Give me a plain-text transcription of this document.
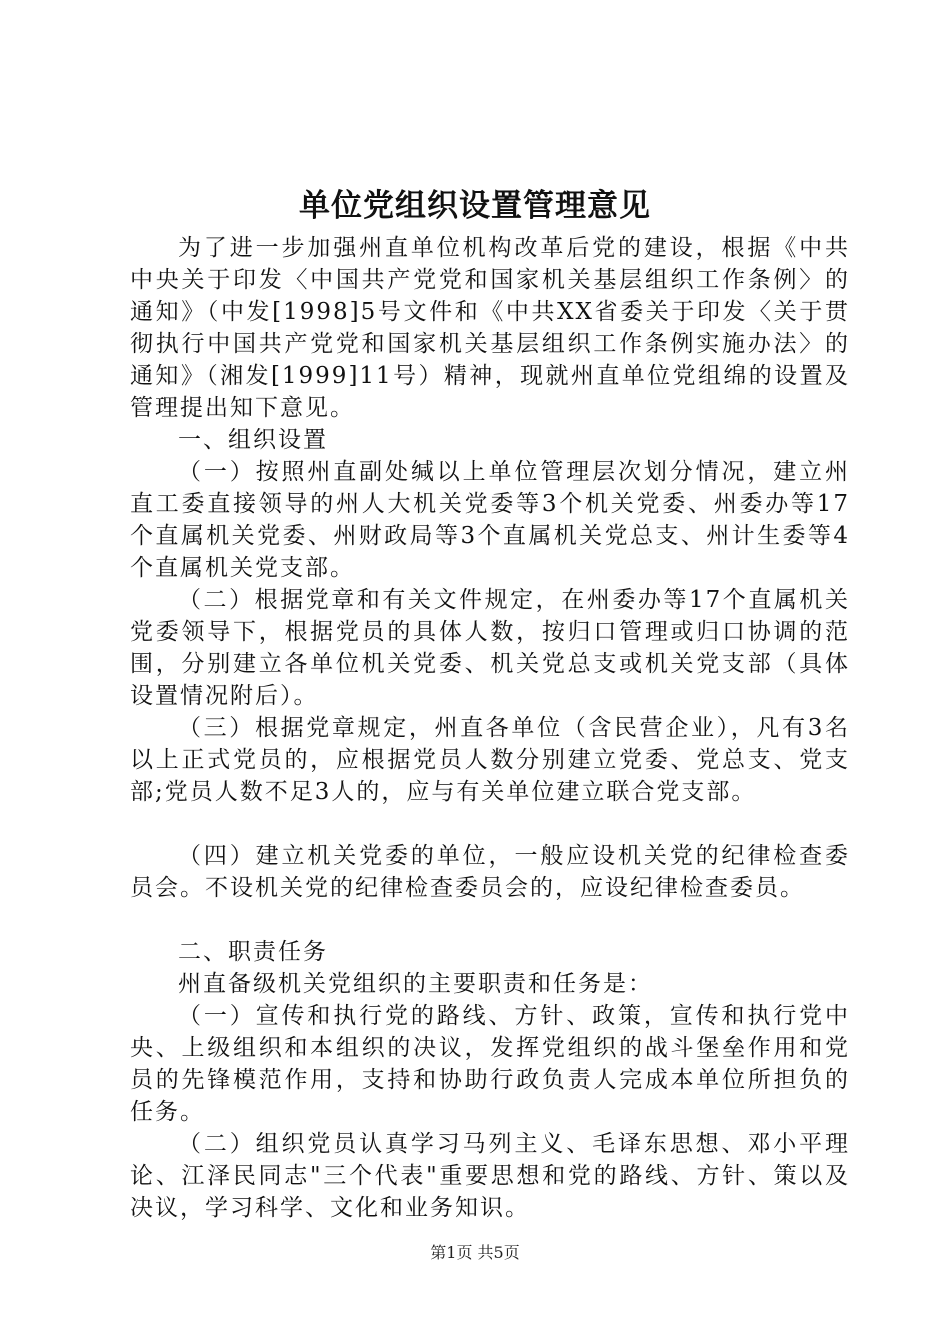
单位党组织设置管理意见

为了进一步加强州直单位机构改革后党的建设，根据《中共中央关于印发〈中国共产党党和国家机关基层组织工作条例〉的通知》（中发[1998]5号文件和《中共XX省委关于印发〈关于贯彻执行中国共产党党和国家机关基层组织工作条例实施办法〉的通知》（湘发[1999]11号）精神，现就州直单位党组绵的设置及管理提出知下意见。

一、组织设置

（一）按照州直副处缄以上单位管理层次划分情况，建立州直工委直接领导的州人大机关党委等3个机关党委、州委办等17个直属机关党委、州财政局等3个直属机关党总支、州计生委等4个直属机关党支部。

（二）根据党章和有关文件规定，在州委办等17个直属机关党委领导下，根据党员的具体人数，按归口管理或归口协调的范围，分别建立各单位机关党委、机关党总支或机关党支部（具体设置情况附后）。

（三）根据党章规定，州直各单位（含民营企业），凡有3名以上正式党员的，应根据党员人数分别建立党委、党总支、党支部;党员人数不足3人的，应与有关单位建立联合党支部。

（四）建立机关党委的单位，一般应设机关党的纪律检查委员会。不设机关党的纪律检查委员会的，应设纪律检查委员。

二、职责任务

州直备级机关党组织的主要职责和任务是：

（一）宣传和执行党的路线、方针、政策，宣传和执行党中央、上级组织和本组织的决议，发挥党组织的战斗堡垒作用和党员的先锋模范作用，支持和协助行政负责人完成本单位所担负的任务。

（二）组织党员认真学习马列主义、毛译东思想、邓小平理论、江泽民同志"三个代表"重要思想和党的路线、方针、策以及决议，学习科学、文化和业务知识。

第1页 共5页
